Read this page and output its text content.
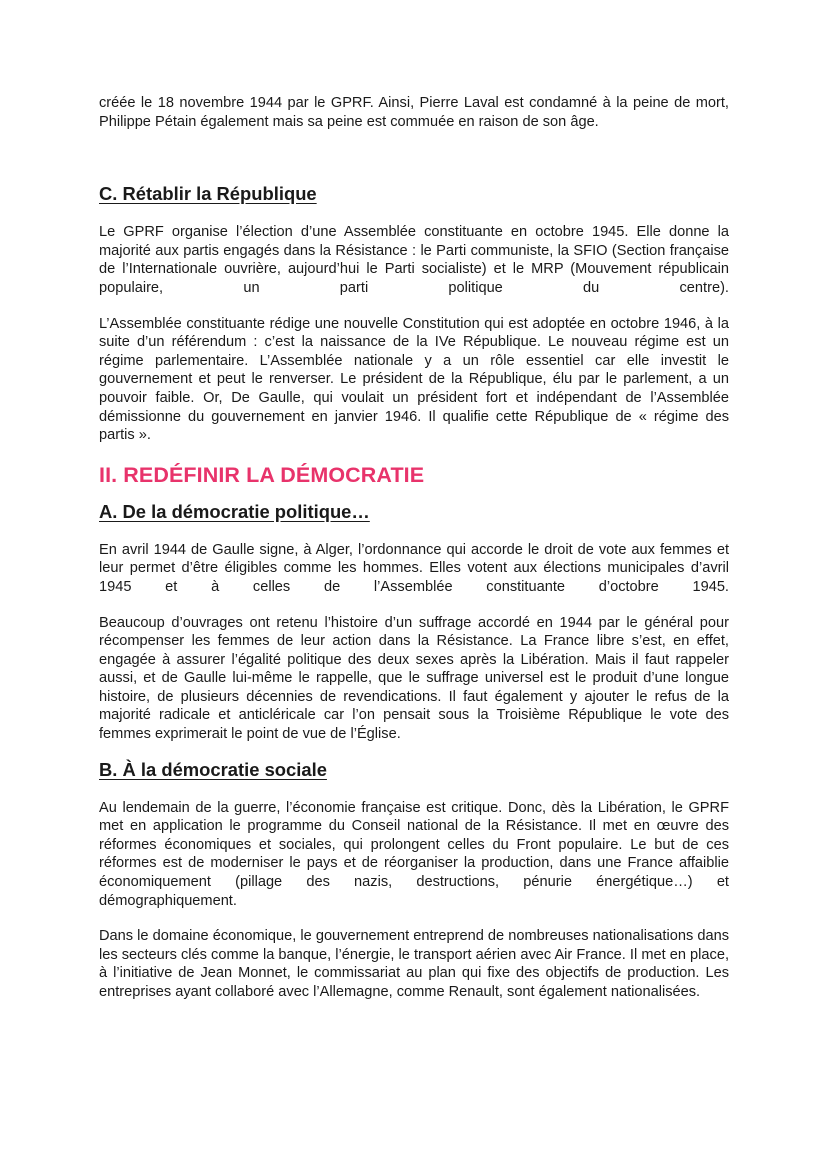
créée le 18 novembre 1944 par le GPRF. Ainsi, Pierre Laval est condamné à la peine de mort, Philippe Pétain également mais sa peine est commuée en raison de son âge.

C. Rétablir la République

Le GPRF organise l’élection d’une Assemblée constituante en octobre 1945. Elle donne la majorité aux partis engagés dans la Résistance : le Parti communiste, la SFIO (Section française de l’Internationale ouvrière, aujourd’hui le Parti socialiste) et le MRP (Mouvement républicain populaire, un parti politique du centre).

L’Assemblée constituante rédige une nouvelle Constitution qui est adoptée en octobre 1946, à la suite d’un référendum : c’est la naissance de la IVe République. Le nouveau régime est un régime parlementaire. L’Assemblée nationale y a un rôle essentiel car elle investit le gouvernement et peut le renverser. Le président de la République, élu par le parlement, a un pouvoir faible. Or, De Gaulle, qui voulait un président fort et indépendant de l’Assemblée démissionne du gouvernement en janvier 1946. Il qualifie cette République de « régime des partis ».

II. REDÉFINIR LA DÉMOCRATIE
A. De la démocratie politique…

En avril 1944 de Gaulle signe, à Alger, l’ordonnance qui accorde le droit de vote aux femmes et leur permet d’être éligibles comme les hommes. Elles votent aux élections municipales d’avril 1945 et à celles de l’Assemblée constituante d’octobre 1945.

Beaucoup d’ouvrages ont retenu l’histoire d’un suffrage accordé en 1944 par le général pour récompenser les femmes de leur action dans la Résistance. La France libre s’est, en effet, engagée à assurer l’égalité politique des deux sexes après la Libération. Mais il faut rappeler aussi, et de Gaulle lui-même le rappelle, que le suffrage universel est le produit d’une longue histoire, de plusieurs décennies de revendications. Il faut également y ajouter le refus de la majorité radicale et anticléricale car l’on pensait sous la Troisième République le vote des femmes exprimerait le point de vue de l’Église.

B. À la démocratie sociale

Au lendemain de la guerre, l’économie française est critique. Donc, dès la Libération, le GPRF met en application le programme du Conseil national de la Résistance. Il met en œuvre des réformes économiques et sociales, qui prolongent celles du Front populaire. Le but de ces réformes est de moderniser le pays et de réorganiser la production, dans une France affaiblie économiquement (pillage des nazis, destructions, pénurie énergétique…) et démographiquement.

Dans le domaine économique, le gouvernement entreprend de nombreuses nationalisations dans les secteurs clés comme la banque, l’énergie, le transport aérien avec Air France. Il met en place, à l’initiative de Jean Monnet, le commissariat au plan qui fixe des objectifs de production. Les entreprises ayant collaboré avec l’Allemagne, comme Renault, sont également nationalisées.
